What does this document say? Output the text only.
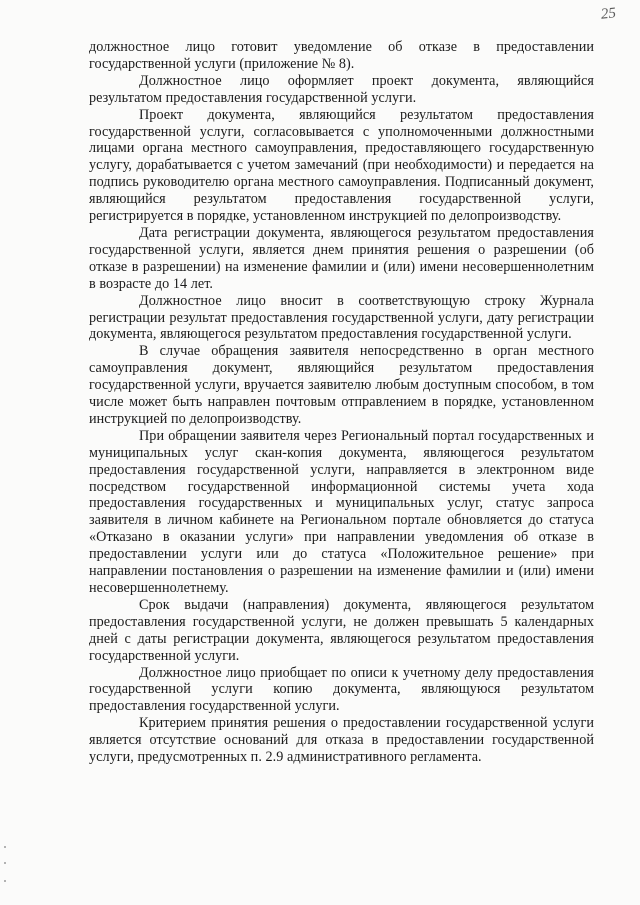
25

должностное лицо готовит уведомление об отказе в предоставлении государственной услуги (приложение № 8).

Должностное лицо оформляет проект документа, являющийся результатом предоставления государственной услуги.

Проект документа, являющийся результатом предоставления государственной услуги, согласовывается с уполномоченными должностными лицами органа местного самоуправления, предоставляющего государственную услугу, дорабатывается с учетом замечаний (при необходимости) и передается на подпись руководителю органа местного самоуправления. Подписанный документ, являющийся результатом предоставления государственной услуги, регистрируется в порядке, установленном инструкцией по делопроизводству.

Дата регистрации документа, являющегося результатом предоставления государственной услуги, является днем принятия решения о разрешении (об отказе в разрешении) на изменение фамилии и (или) имени несовершеннолетним в возрасте до 14 лет.

Должностное лицо вносит в соответствующую строку Журнала регистрации результат предоставления государственной услуги, дату регистрации документа, являющегося результатом предоставления государственной услуги.

В случае обращения заявителя непосредственно в орган местного самоуправления документ, являющийся результатом предоставления государственной услуги, вручается заявителю любым доступным способом, в том числе может быть направлен почтовым отправлением в порядке, установленном инструкцией по делопроизводству.

При обращении заявителя через Региональный портал государственных и муниципальных услуг скан-копия документа, являющегося результатом предоставления государственной услуги, направляется в электронном виде посредством государственной информационной системы учета хода предоставления государственных и муниципальных услуг, статус запроса заявителя в личном кабинете на Региональном портале обновляется до статуса «Отказано в оказании услуги» при направлении уведомления об отказе в предоставлении услуги или до статуса «Положительное решение» при направлении постановления о разрешении на изменение фамилии и (или) имени несовершеннолетнему.

Срок выдачи (направления) документа, являющегося результатом предоставления государственной услуги, не должен превышать 5 календарных дней с даты регистрации документа, являющегося результатом предоставления государственной услуги.

Должностное лицо приобщает по описи к учетному делу предоставления государственной услуги копию документа, являющуюся результатом предоставления государственной услуги.

Критерием принятия решения о предоставлении государственной услуги является отсутствие оснований для отказа в предоставлении государственной услуги, предусмотренных п. 2.9 административного регламента.
